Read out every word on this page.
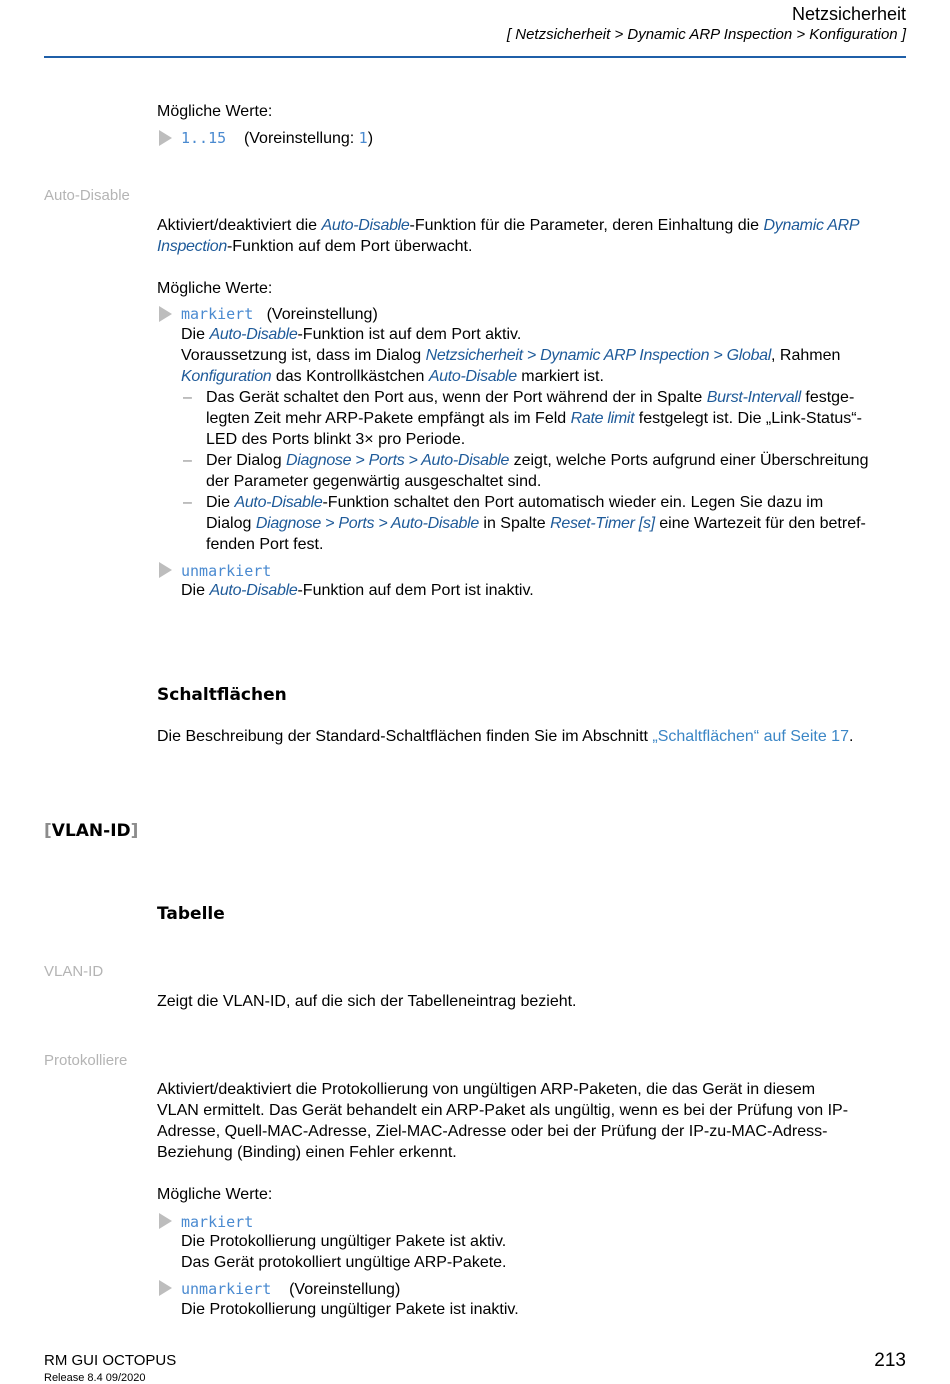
Netzsicherheit
[ Netzsicherheit > Dynamic ARP Inspection > Konfiguration ]
Mögliche Werte:
1..15 (Voreinstellung: 1)
Auto-Disable
Aktiviert/deaktiviert die Auto-Disable-Funktion für die Parameter, deren Einhaltung die Dynamic ARP
Inspection-Funktion auf dem Port überwacht.
Mögliche Werte:
markiert (Voreinstellung)
Die Auto-Disable-Funktion ist auf dem Port aktiv.
Voraussetzung ist, dass im Dialog Netzsicherheit > Dynamic ARP Inspection > Global, Rahmen
Konfiguration das Kontrollkästchen Auto-Disable markiert ist.
– Das Gerät schaltet den Port aus, wenn der Port während der in Spalte Burst-Intervall festge-
legten Zeit mehr ARP-Pakete empfängt als im Feld Rate limit festgelegt ist. Die „Link-Status“-
LED des Ports blinkt 3× pro Periode.
– Der Dialog Diagnose > Ports > Auto-Disable zeigt, welche Ports aufgrund einer Überschreitung
der Parameter gegenwärtig ausgeschaltet sind.
– Die Auto-Disable-Funktion schaltet den Port automatisch wieder ein. Legen Sie dazu im
Dialog Diagnose > Ports > Auto-Disable in Spalte Reset-Timer [s] eine Wartezeit für den betref-
fenden Port fest.
unmarkiert
Die Auto-Disable-Funktion auf dem Port ist inaktiv.
Schaltflächen
Die Beschreibung der Standard-Schaltflächen finden Sie im Abschnitt „Schaltflächen“ auf Seite 17.
[VLAN-ID]
Tabelle
VLAN-ID
Zeigt die VLAN-ID, auf die sich der Tabelleneintrag bezieht.
Protokolliere
Aktiviert/deaktiviert die Protokollierung von ungültigen ARP-Paketen, die das Gerät in diesem
VLAN ermittelt. Das Gerät behandelt ein ARP-Paket als ungültig, wenn es bei der Prüfung von IP-
Adresse, Quell-MAC-Adresse, Ziel-MAC-Adresse oder bei der Prüfung der IP-zu-MAC-Adress-
Beziehung (Binding) einen Fehler erkennt.
Mögliche Werte:
markiert
Die Protokollierung ungültiger Pakete ist aktiv.
Das Gerät protokolliert ungültige ARP-Pakete.
unmarkiert (Voreinstellung)
Die Protokollierung ungültiger Pakete ist inaktiv.
RM GUI OCTOPUS
Release 8.4 09/2020
213
